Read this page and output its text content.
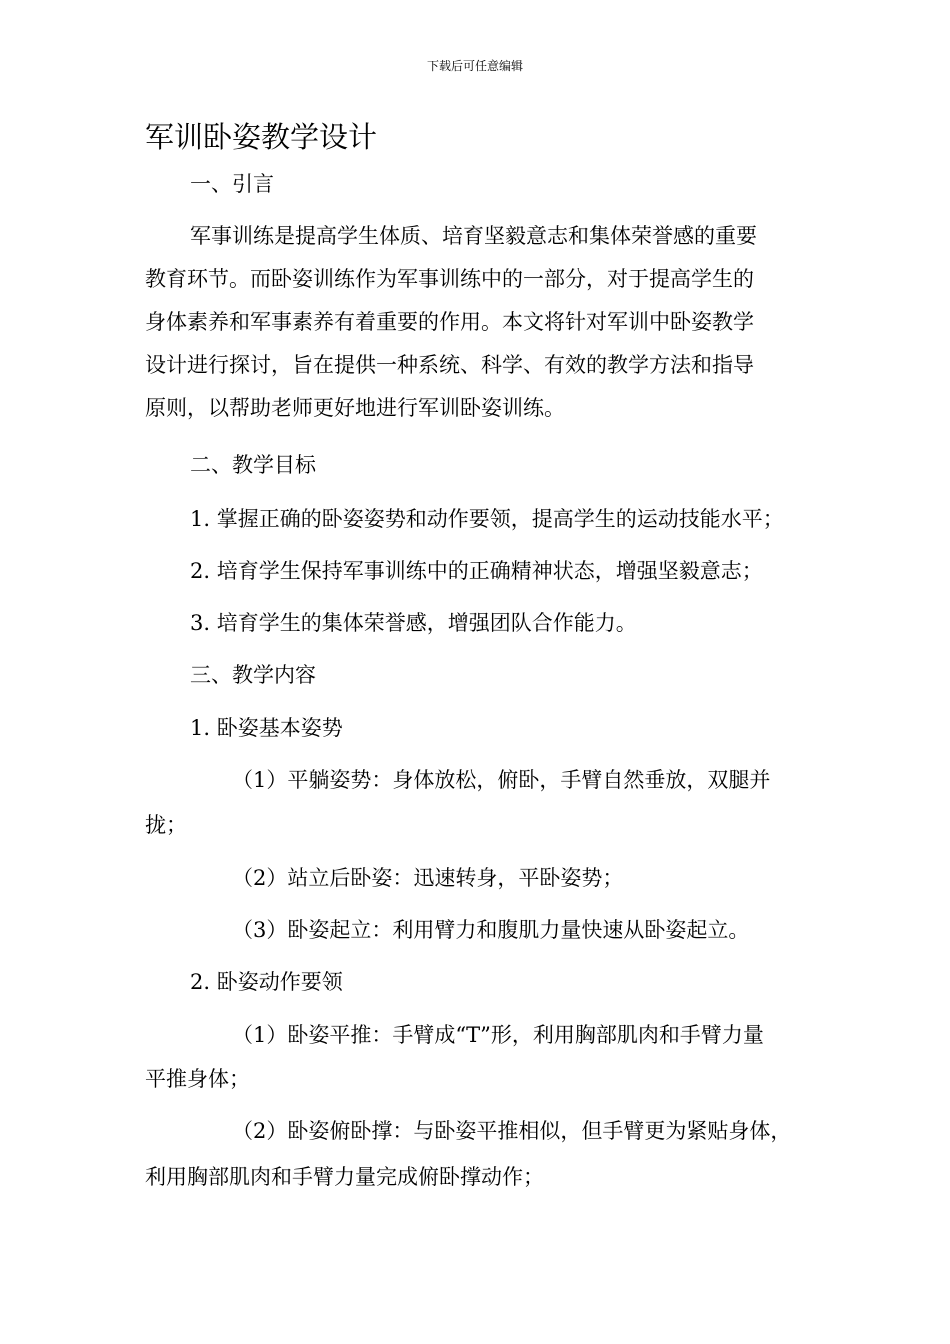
下载后可任意编辑
军训卧姿教学设计
一、引言
军事训练是提高学生体质、培育坚毅意志和集体荣誉感的重要
教育环节。而卧姿训练作为军事训练中的一部分，对于提高学生的
身体素养和军事素养有着重要的作用。本文将针对军训中卧姿教学
设计进行探讨，旨在提供一种系统、科学、有效的教学方法和指导
原则，以帮助老师更好地进行军训卧姿训练。
二、教学目标
1. 掌握正确的卧姿姿势和动作要领，提高学生的运动技能水平；
2. 培育学生保持军事训练中的正确精神状态，增强坚毅意志；
3. 培育学生的集体荣誉感，增强团队合作能力。
三、教学内容
1. 卧姿基本姿势
（1）平躺姿势：身体放松，俯卧，手臂自然垂放，双腿并
拢；
（2）站立后卧姿：迅速转身，平卧姿势；
（3）卧姿起立：利用臂力和腹肌力量快速从卧姿起立。
2. 卧姿动作要领
（1）卧姿平推：手臂成“T”形，利用胸部肌肉和手臂力量
平推身体；
（2）卧姿俯卧撑：与卧姿平推相似，但手臂更为紧贴身体，
利用胸部肌肉和手臂力量完成俯卧撑动作；
